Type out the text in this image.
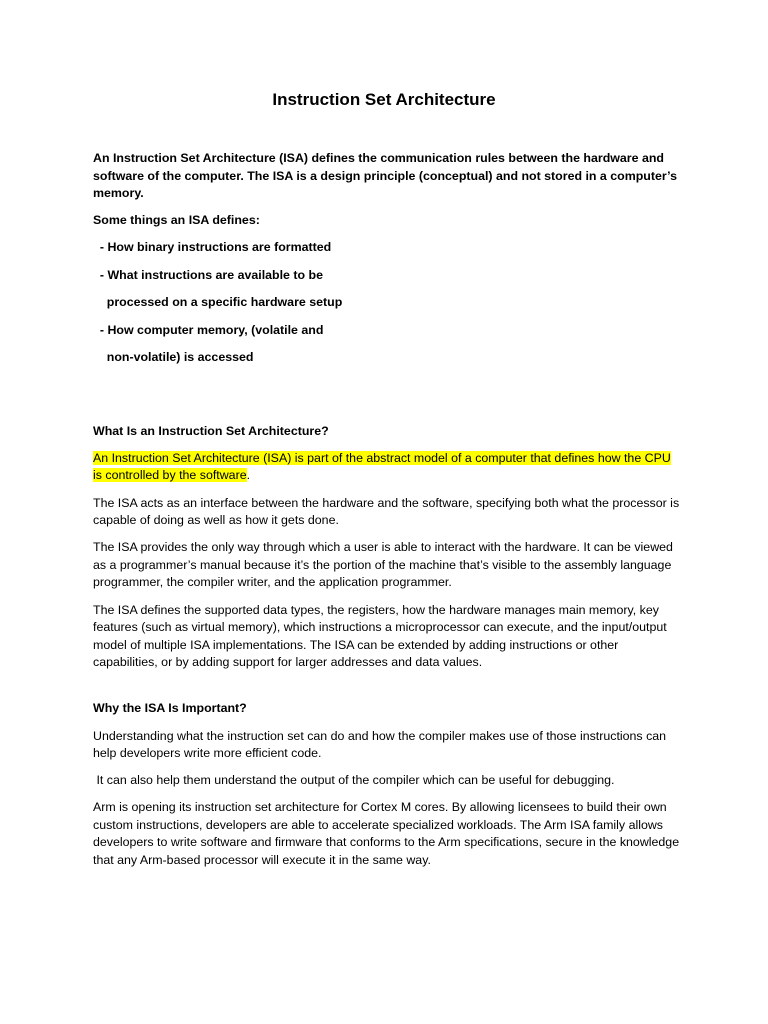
Instruction Set Architecture

An Instruction Set Architecture (ISA) defines the communication rules between the hardware and software of the computer. The ISA is a design principle (conceptual) and not stored in a computer’s memory.

Some things an ISA defines:

- How binary instructions are formatted
- What instructions are available to be
processed on a specific hardware setup
- How computer memory, (volatile and
non-volatile) is accessed

What Is an Instruction Set Architecture?

An Instruction Set Architecture (ISA) is part of the abstract model of a computer that defines how the CPU is controlled by the software.

The ISA acts as an interface between the hardware and the software, specifying both what the processor is capable of doing as well as how it gets done.

The ISA provides the only way through which a user is able to interact with the hardware. It can be viewed as a programmer’s manual because it’s the portion of the machine that’s visible to the assembly language programmer, the compiler writer, and the application programmer.

The ISA defines the supported data types, the registers, how the hardware manages main memory, key features (such as virtual memory), which instructions a microprocessor can execute, and the input/output model of multiple ISA implementations. The ISA can be extended by adding instructions or other capabilities, or by adding support for larger addresses and data values.

Why the ISA Is Important?

Understanding what the instruction set can do and how the compiler makes use of those instructions can help developers write more efficient code.

It can also help them understand the output of the compiler which can be useful for debugging.

Arm is opening its instruction set architecture for Cortex M cores. By allowing licensees to build their own custom instructions, developers are able to accelerate specialized workloads. The Arm ISA family allows developers to write software and firmware that conforms to the Arm specifications, secure in the knowledge that any Arm-based processor will execute it in the same way.
